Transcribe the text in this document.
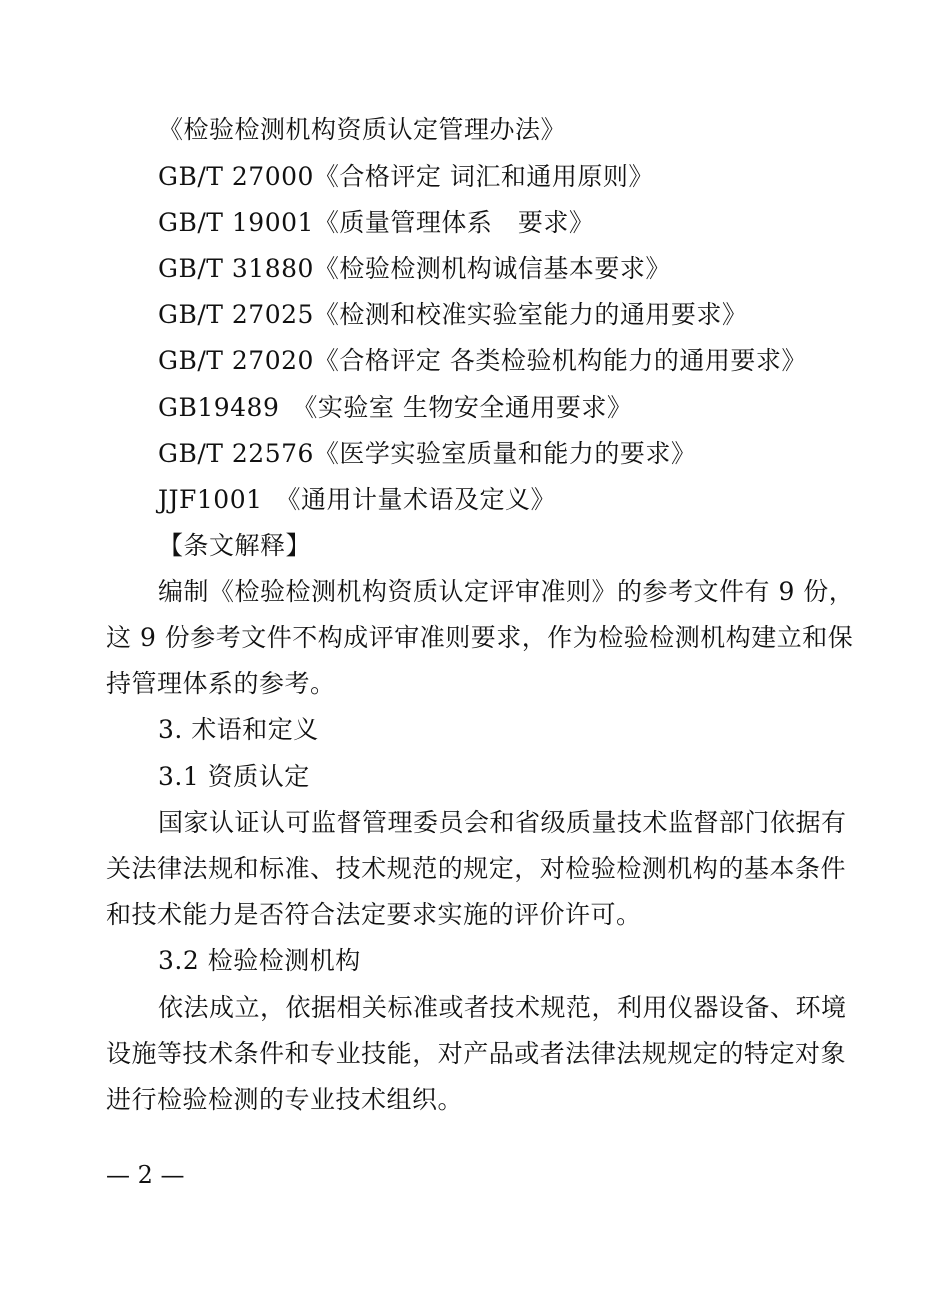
《检验检测机构资质认定管理办法》
GB/T 27000《合格评定 词汇和通用原则》
GB/T 19001《质量管理体系　要求》
GB/T 31880《检验检测机构诚信基本要求》
GB/T 27025《检测和校准实验室能力的通用要求》
GB/T 27020《合格评定 各类检验机构能力的通用要求》
GB19489　《实验室 生物安全通用要求》
GB/T 22576《医学实验室质量和能力的要求》
JJF1001　《通用计量术语及定义》
【条文解释】
编制《检验检测机构资质认定评审准则》的参考文件有 9 份，
这 9 份参考文件不构成评审准则要求，作为检验检测机构建立和保
持管理体系的参考。
3. 术语和定义
3.1 资质认定
国家认证认可监督管理委员会和省级质量技术监督部门依据有
关法律法规和标准、技术规范的规定，对检验检测机构的基本条件
和技术能力是否符合法定要求实施的评价许可。
3.2 检验检测机构
依法成立，依据相关标准或者技术规范，利用仪器设备、环境
设施等技术条件和专业技能，对产品或者法律法规规定的特定对象
进行检验检测的专业技术组织。
— 2 —
